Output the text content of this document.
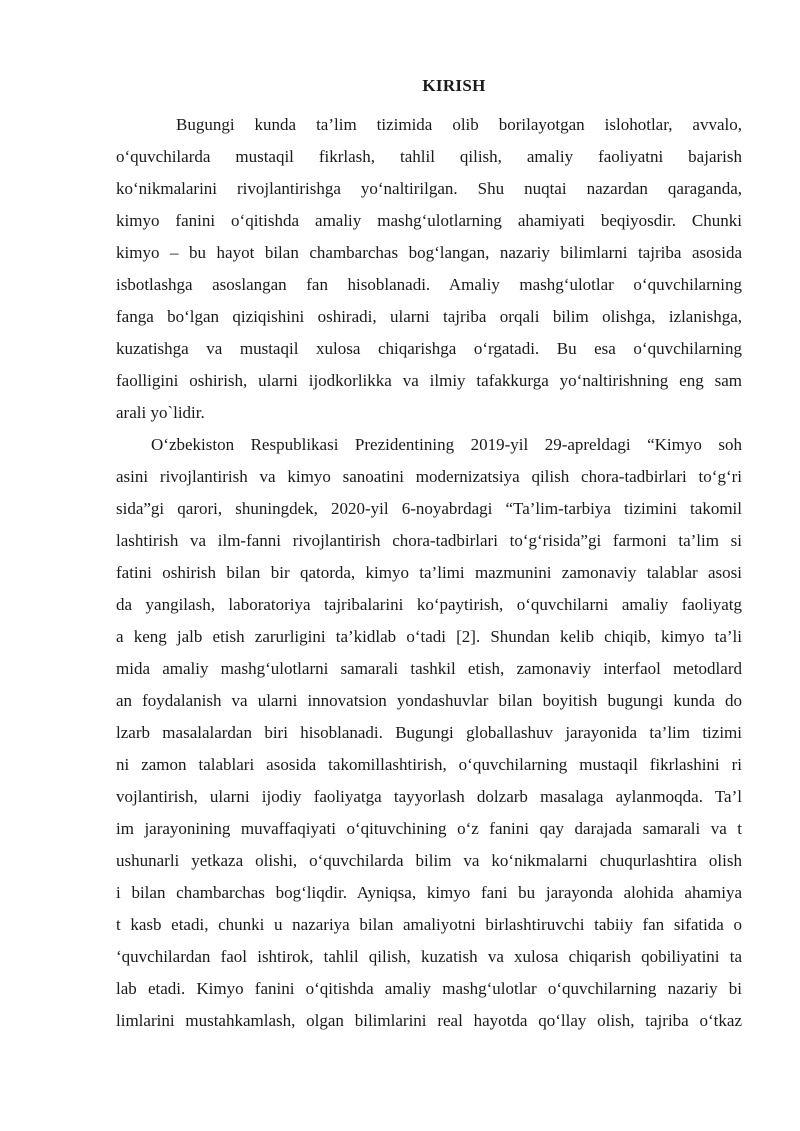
KIRISH
Bugungi kunda ta’lim tizimida olib borilayotgan islohotlar, avvalo,
o‘quvchilarda mustaqil fikrlash, tahlil qilish, amaliy faoliyatni bajarish
ko‘nikmalarini rivojlantirishga yo‘naltirilgan. Shu nuqtai nazardan qaraganda,
kimyo fanini o‘qitishda amaliy mashg‘ulotlarning ahamiyati beqiyosdir. Chunki
kimyo – bu hayot bilan chambarchas bog‘langan, nazariy bilimlarni tajriba asosida
isbotlashga asoslangan fan hisoblanadi. Amaliy mashg‘ulotlar o‘quvchilarning
fanga bo‘lgan qiziqishini oshiradi, ularni tajriba orqali bilim olishga, izlanishga,
kuzatishga va mustaqil xulosa chiqarishga o‘rgatadi. Bu esa o‘quvchilarning
faolligini oshirish, ularni ijodkorlikka va ilmiy tafakkurga yo‘naltirishning eng sam
arali yo`lidir.
O‘zbekiston Respublikasi Prezidentining 2019-yil 29-apreldagi “Kimyo soh
asini rivojlantirish va kimyo sanoatini modernizatsiya qilish chora-tadbirlari to‘g‘ri
sida”gi qarori, shuningdek, 2020-yil 6-noyabrdagi “Ta’lim-tarbiya tizimini takomil
lashtirish va ilm-fanni rivojlantirish chora-tadbirlari to‘g‘risida”gi farmoni ta’lim si
fatini oshirish bilan bir qatorda, kimyo ta’limi mazmunini zamonaviy talablar asosi
da yangilash, laboratoriya tajribalarini ko‘paytirish, o‘quvchilarni amaliy faoliyatg
a keng jalb etish zarurligini ta’kidlab o‘tadi [2]. Shundan kelib chiqib, kimyo ta’li
mida amaliy mashg‘ulotlarni samarali tashkil etish, zamonaviy interfaol metodlard
an foydalanish va ularni innovatsion yondashuvlar bilan boyitish bugungi kunda do
lzarb masalalardan biri hisoblanadi. Bugungi globallashuv jarayonida ta’lim tizimi
ni zamon talablari asosida takomillashtirish, o‘quvchilarning mustaqil fikrlashini ri
vojlantirish, ularni ijodiy faoliyatga tayyorlash dolzarb masalaga aylanmoqda. Ta’l
im jarayonining muvaffaqiyati o‘qituvchining o‘z fanini qay darajada samarali va t
ushunarli yetkaza olishi, o‘quvchilarda bilim va ko‘nikmalarni chuqurlashtira olish
i bilan chambarchas bog‘liqdir. Ayniqsa, kimyo fani bu jarayonda alohida ahamiya
t kasb etadi, chunki u nazariya bilan amaliyotni birlashtiruvchi tabiiy fan sifatida o
‘quvchilardan faol ishtirok, tahlil qilish, kuzatish va xulosa chiqarish qobiliyatini ta
lab etadi. Kimyo fanini o‘qitishda amaliy mashg‘ulotlar o‘quvchilarning nazariy bi
limlarini mustahkamlash, olgan bilimlarini real hayotda qo‘llay olish, tajriba o‘tkaz
